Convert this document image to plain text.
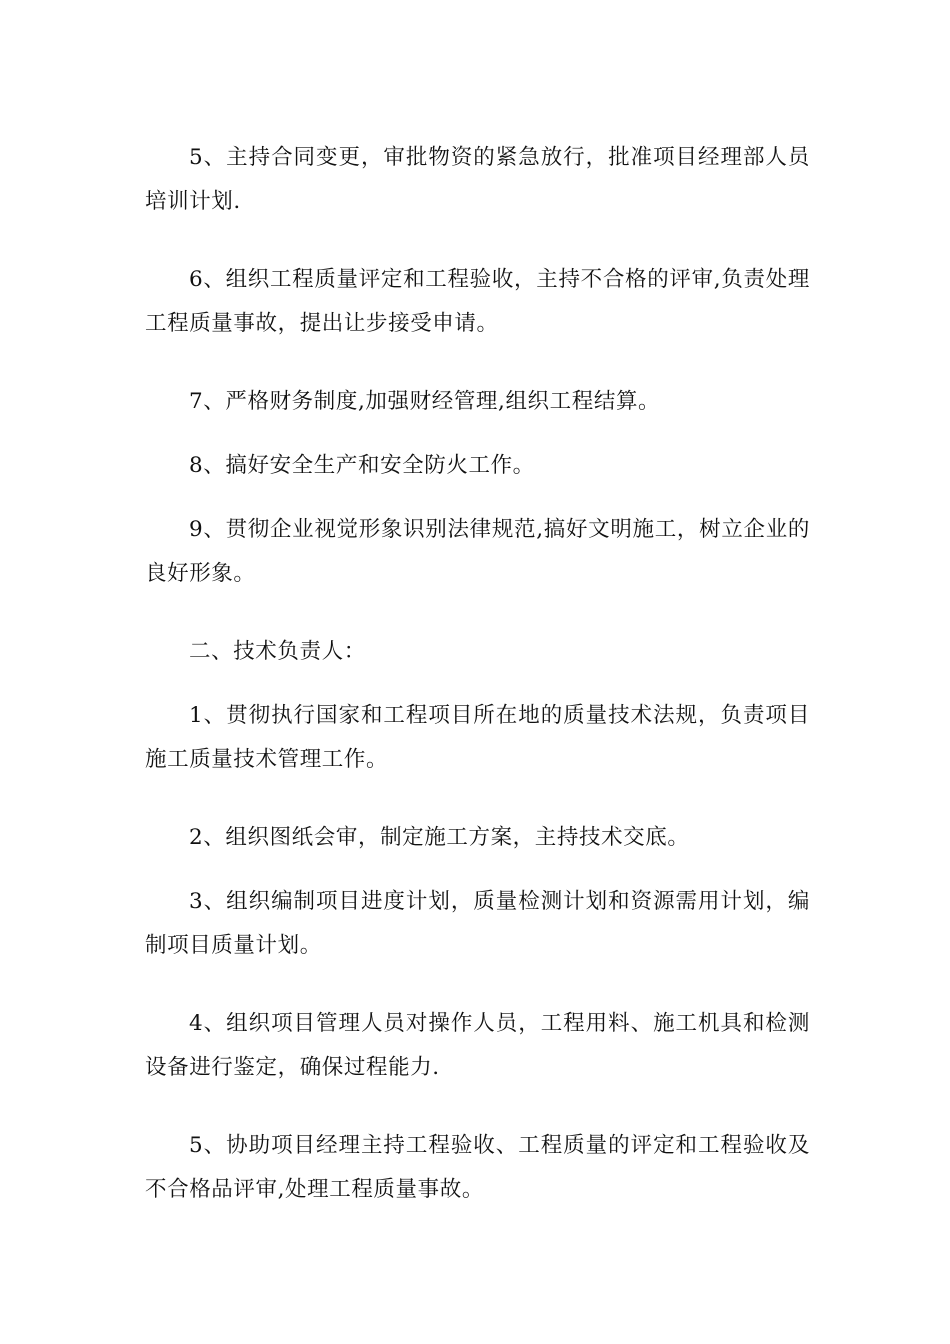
5、主持合同变更，审批物资的紧急放行，批准项目经理部人员培训计划.

6、组织工程质量评定和工程验收，主持不合格的评审,负责处理工程质量事故，提出让步接受申请。

7、严格财务制度,加强财经管理,组织工程结算。

8、搞好安全生产和安全防火工作。

9、贯彻企业视觉形象识别法律规范,搞好文明施工，树立企业的良好形象。

二、技术负责人：

1、贯彻执行国家和工程项目所在地的质量技术法规，负责项目施工质量技术管理工作。

2、组织图纸会审，制定施工方案，主持技术交底。

3、组织编制项目进度计划，质量检测计划和资源需用计划，编制项目质量计划。

4、组织项目管理人员对操作人员，工程用料、施工机具和检测设备进行鉴定，确保过程能力.

5、协助项目经理主持工程验收、工程质量的评定和工程验收及不合格品评审,处理工程质量事故。
